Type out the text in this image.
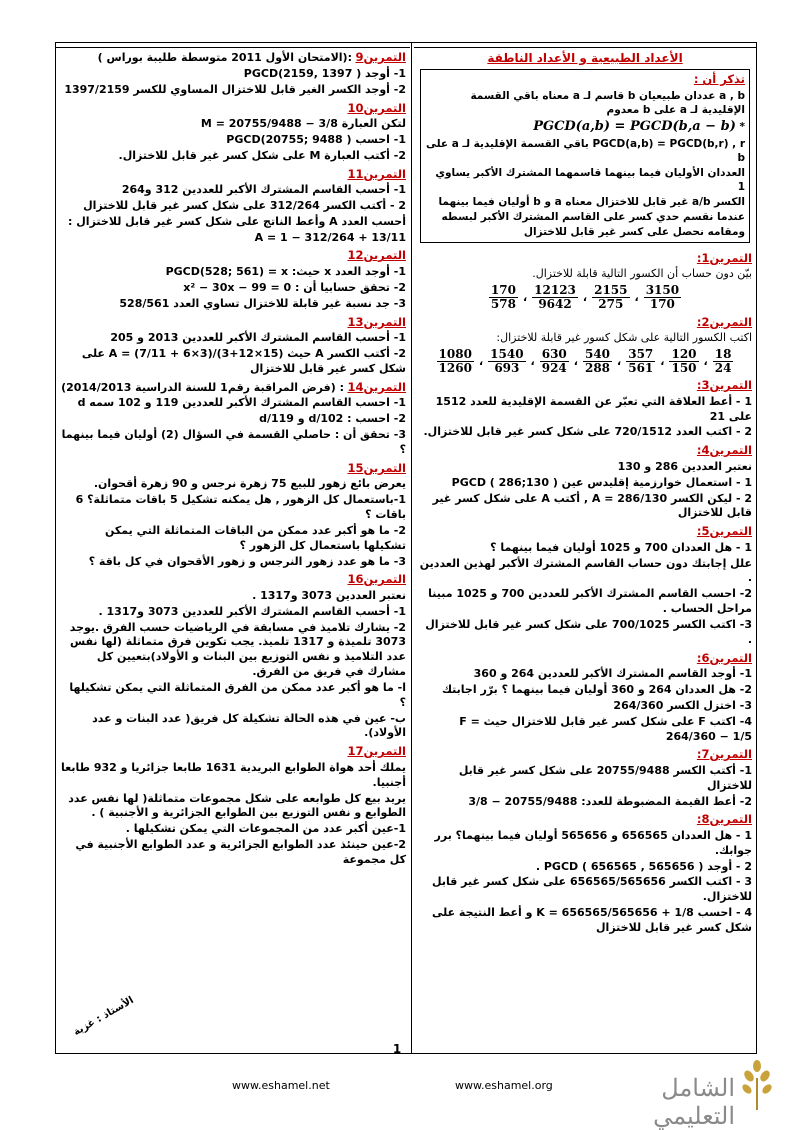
الأعداد الطبيعية و الأعداد الناطقة
تذكر أن :
a , b عددان طبيعيان b قاسم لـ a معناه باقي القسمة الإقليدية لـ a على b معدوم
* PGCD(a,b) = PGCD(b,a − b)
PGCD(a,b) = PGCD(b,r) , r باقي القسمة الإقليدية لـ a على b
العددان الأوليان فيما بينهما قاسمهما المشترك الأكبر يساوي 1
الكسر a/b غير قابل للاختزال معناه a و b أوليان فيما بينهما
عندما نقسم حدي كسر على القاسم المشترك الأكبر لبسطه ومقامه نحصل على كسر غير قابل للاختزال
التمرين1:
بيّن دون حساب أن الكسور التالية قابلة للاختزال.
$\frac{170}{578}$ ، $\frac{12123}{9642}$ ، $\frac{2155}{275}$ ، $\frac{3150}{170}$
التمرين2:
اكتب الكسور التالية على شكل كسور غير قابلة للاختزال:
$\frac{1080}{1260}$ ، $\frac{1540}{693}$ ، $\frac{630}{924}$ ، $\frac{540}{288}$ ، $\frac{357}{561}$ ، $\frac{120}{150}$ ، $\frac{18}{24}$
التمرين3:
1 - أعط العلاقة التي تعبّر عن القسمة الإقليدية للعدد 1512 على 21
2 - اكتب العدد 720/1512 على شكل كسر غير قابل للاختزال.
التمرين4:
نعتبر العددين 286 و 130
1 - استعمال خوارزمية إقليدس عين ( PGCD ( 286;130
2 - ليكن الكسر A = 286/130 , أكتب A على شكل كسر غير قابل للاختزال
التمرين5:
1 - هل العددان 700 و 1025 أوليان فيما بينهما ؟
علل إجابتك دون حساب القاسم المشترك الأكبر لهذين العددين .
2- احسب القاسم المشترك الأكبر للعددين 700 و 1025 مبينا مراحل الحساب .
3- اكتب الكسر 700/1025 على شكل كسر غير قابل للاختزال .
التمرين6:
1- أوجد القاسم المشترك الأكبر للعددين 264 و 360
2- هل العددان 264 و 360 أوليان فيما بينهما ؟ برّر اجابتك
3- اختزل الكسر 264/360
4- اكتب F على شكل كسر غير قابل للاختزال حيث F = 264/360 − 1/5
التمرين7:
1- أكتب الكسر 20755/9488 على شكل كسر غير قابل للاختزال
2- أعط القيمة المضبوطة للعدد: 20755/9488 − 3/8
التمرين8:
1 - هل العددان 656565 و 565656 أوليان فيما بينهما؟ برر جوابك.
2 - أوجد ( PGCD ( 656565 , 565656 .
3 - اكتب الكسر 656565/565656 على شكل كسر غير قابل للاختزال.
4 - احسب K = 656565/565656 + 1/8 و أعط النتيجة على شكل كسر غير قابل للاختزال
التمرين9 :(الامتحان الأول 2011 متوسطة طليبة بوراس )
1- أوجد ( PGCD(2159, 1397
2- أوجد الكسر الغير قابل للاختزال المساوي للكسر 1397/2159
التمرين10
لتكن العبارة M = 20755/9488 − 3/8
1- احسب ( PGCD(20755; 9488
2- أكتب العبارة M على شكل كسر غير قابل للاختزال.
التمرين11
1- أحسب القاسم المشترك الأكبر للعددين 312 و264
2 - أكتب الكسر 312/264 على شكل كسر غير قابل للاختزال
أحسب العدد A وأعط الناتج على شكل كسر غير قابل للاختزال :
A = 1 − 312/264 + 13/11
التمرين12
1- أوجد العدد x حيث: PGCD(528; 561) = x
2- تحقق حسابيا أن : x² − 30x − 99 = 0
3- جد نسبة غير قابلة للاختزال تساوي العدد 528/561
التمرين13
1- أحسب القاسم المشترك الأكبر للعددين 2013 و 205
2- أكتب الكسر A حيث A = (7/11 + 6×3)/(3+12×15) على شكل كسر غير قابل للاختزال
التمرين14 : (فرض المراقبة رقم1 للسنة الدراسية 2014/2013)
1- احسب القاسم المشترك الأكبر للعددين 119 و 102 سمه d
2- احسب : 102/d و 119/d
3- تحقق أن : حاصلي القسمة في السؤال (2) أوليان فيما بينهما ؟
التمرين15
يعرض بائع زهور للبيع 75 زهرة نرجس و 90 زهرة أقحوان.
1-باستعمال كل الزهور , هل يمكنه تشكيل 5 باقات متماثلة؟ 6 باقات ؟
2- ما هو أكبر عدد ممكن من الباقات المتماثلة التي يمكن تشكيلها باستعمال كل الزهور ؟
3- ما هو عدد زهور النرجس و زهور الأقحوان في كل باقة ؟
التمرين16
نعتبر العددين 3073 و1317 .
1- أحسب القاسم المشترك الأكبر للعددين 3073 و1317 .
2- يشارك تلاميذ في مسابقة في الرياضيات حسب الفرق .يوجد 3073 تلميذة و 1317 تلميذ. يجب تكوين فرق متماثلة (لها نفس عدد التلاميذ و نفس التوزيع بين البنات و الأولاد)بتعيين كل مشارك في فريق من الفرق.
ا- ما هو أكبر عدد ممكن من الفرق المتماثلة التي يمكن تشكيلها ؟
ب- عين في هذه الحالة تشكيلة كل فريق( عدد البنات و عدد الأولاد).
التمرين17
يملك أحد هواة الطوابع البريدية 1631 طابعا جزائريا و 932 طابعا أجنبيا.
يريد بيع كل طوابعه على شكل مجموعات متماثلة( لها نفس عدد الطوابع و نفس التوزيع بين الطوابع الجزائرية و الأجنبية ) .
1-عين أكبر عدد من المجموعات التي يمكن تشكيلها .
2-عين حينئذ عدد الطوابع الجزائرية و عدد الطوابع الأجنبية في كل مجموعة
الأستاذ : غزية
1
www.eshamel.net	www.eshamel.org	الشامل التعليمي
